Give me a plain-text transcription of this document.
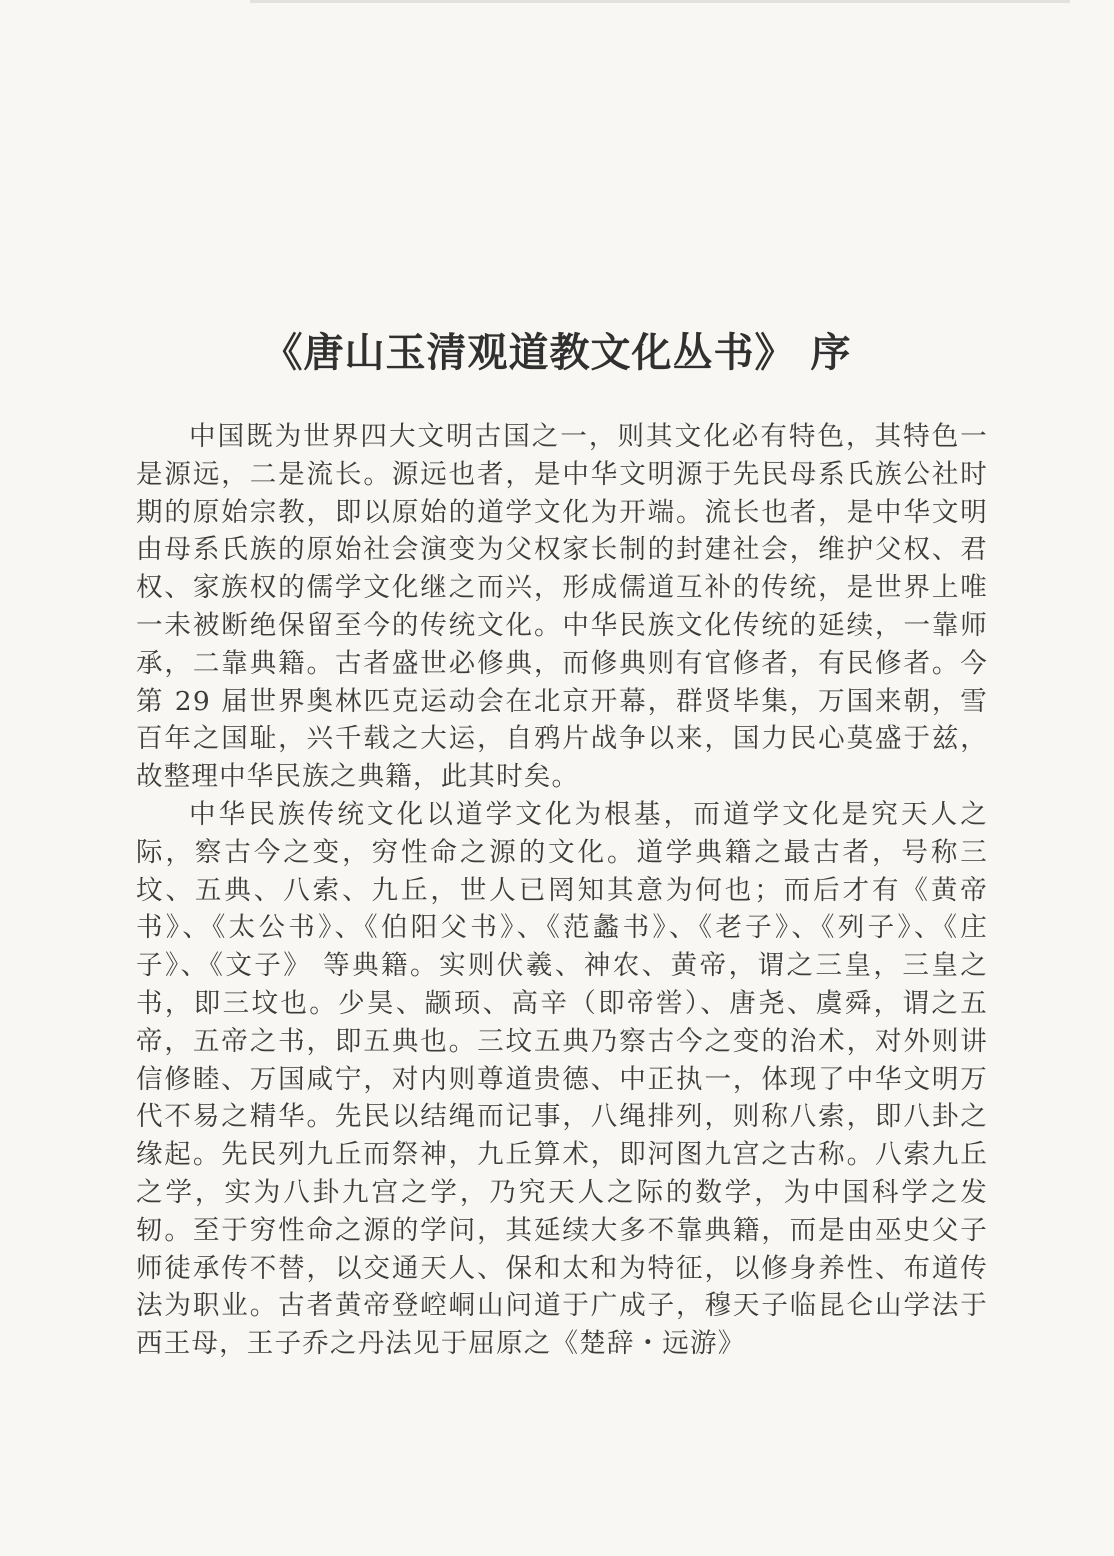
《唐山玉清观道教文化丛书》 序

中国既为世界四大文明古国之一，则其文化必有特色，其特色一是源远，二是流长。源远也者，是中华文明源于先民母系氏族公社时期的原始宗教，即以原始的道学文化为开端。流长也者，是中华文明由母系氏族的原始社会演变为父权家长制的封建社会，维护父权、君权、家族权的儒学文化继之而兴，形成儒道互补的传统，是世界上唯一未被断绝保留至今的传统文化。中华民族文化传统的延续，一靠师承，二靠典籍。古者盛世必修典，而修典则有官修者，有民修者。今第 29 届世界奥林匹克运动会在北京开幕，群贤毕集，万国来朝，雪百年之国耻，兴千载之大运，自鸦片战争以来，国力民心莫盛于兹，故整理中华民族之典籍，此其时矣。

中华民族传统文化以道学文化为根基，而道学文化是究天人之际，察古今之变，穷性命之源的文化。道学典籍之最古者，号称三坟、五典、八索、九丘，世人已罔知其意为何也；而后才有《黄帝书》、《太公书》、《伯阳父书》、《范蠡书》、《老子》、《列子》、《庄子》、《文子》 等典籍。实则伏羲、神农、黄帝，谓之三皇，三皇之书，即三坟也。少昊、颛顼、高辛（即帝喾）、唐尧、虞舜，谓之五帝，五帝之书，即五典也。三坟五典乃察古今之变的治术，对外则讲信修睦、万国咸宁，对内则尊道贵德、中正执一，体现了中华文明万代不易之精华。先民以结绳而记事，八绳排列，则称八索，即八卦之缘起。先民列九丘而祭神，九丘算术，即河图九宫之古称。八索九丘之学，实为八卦九宫之学，乃究天人之际的数学，为中国科学之发轫。至于穷性命之源的学问，其延续大多不靠典籍，而是由巫史父子师徒承传不替，以交通天人、保和太和为特征，以修身养性、布道传法为职业。古者黄帝登崆峒山问道于广成子，穆天子临昆仑山学法于西王母，王子乔之丹法见于屈原之《楚辞・远游》
